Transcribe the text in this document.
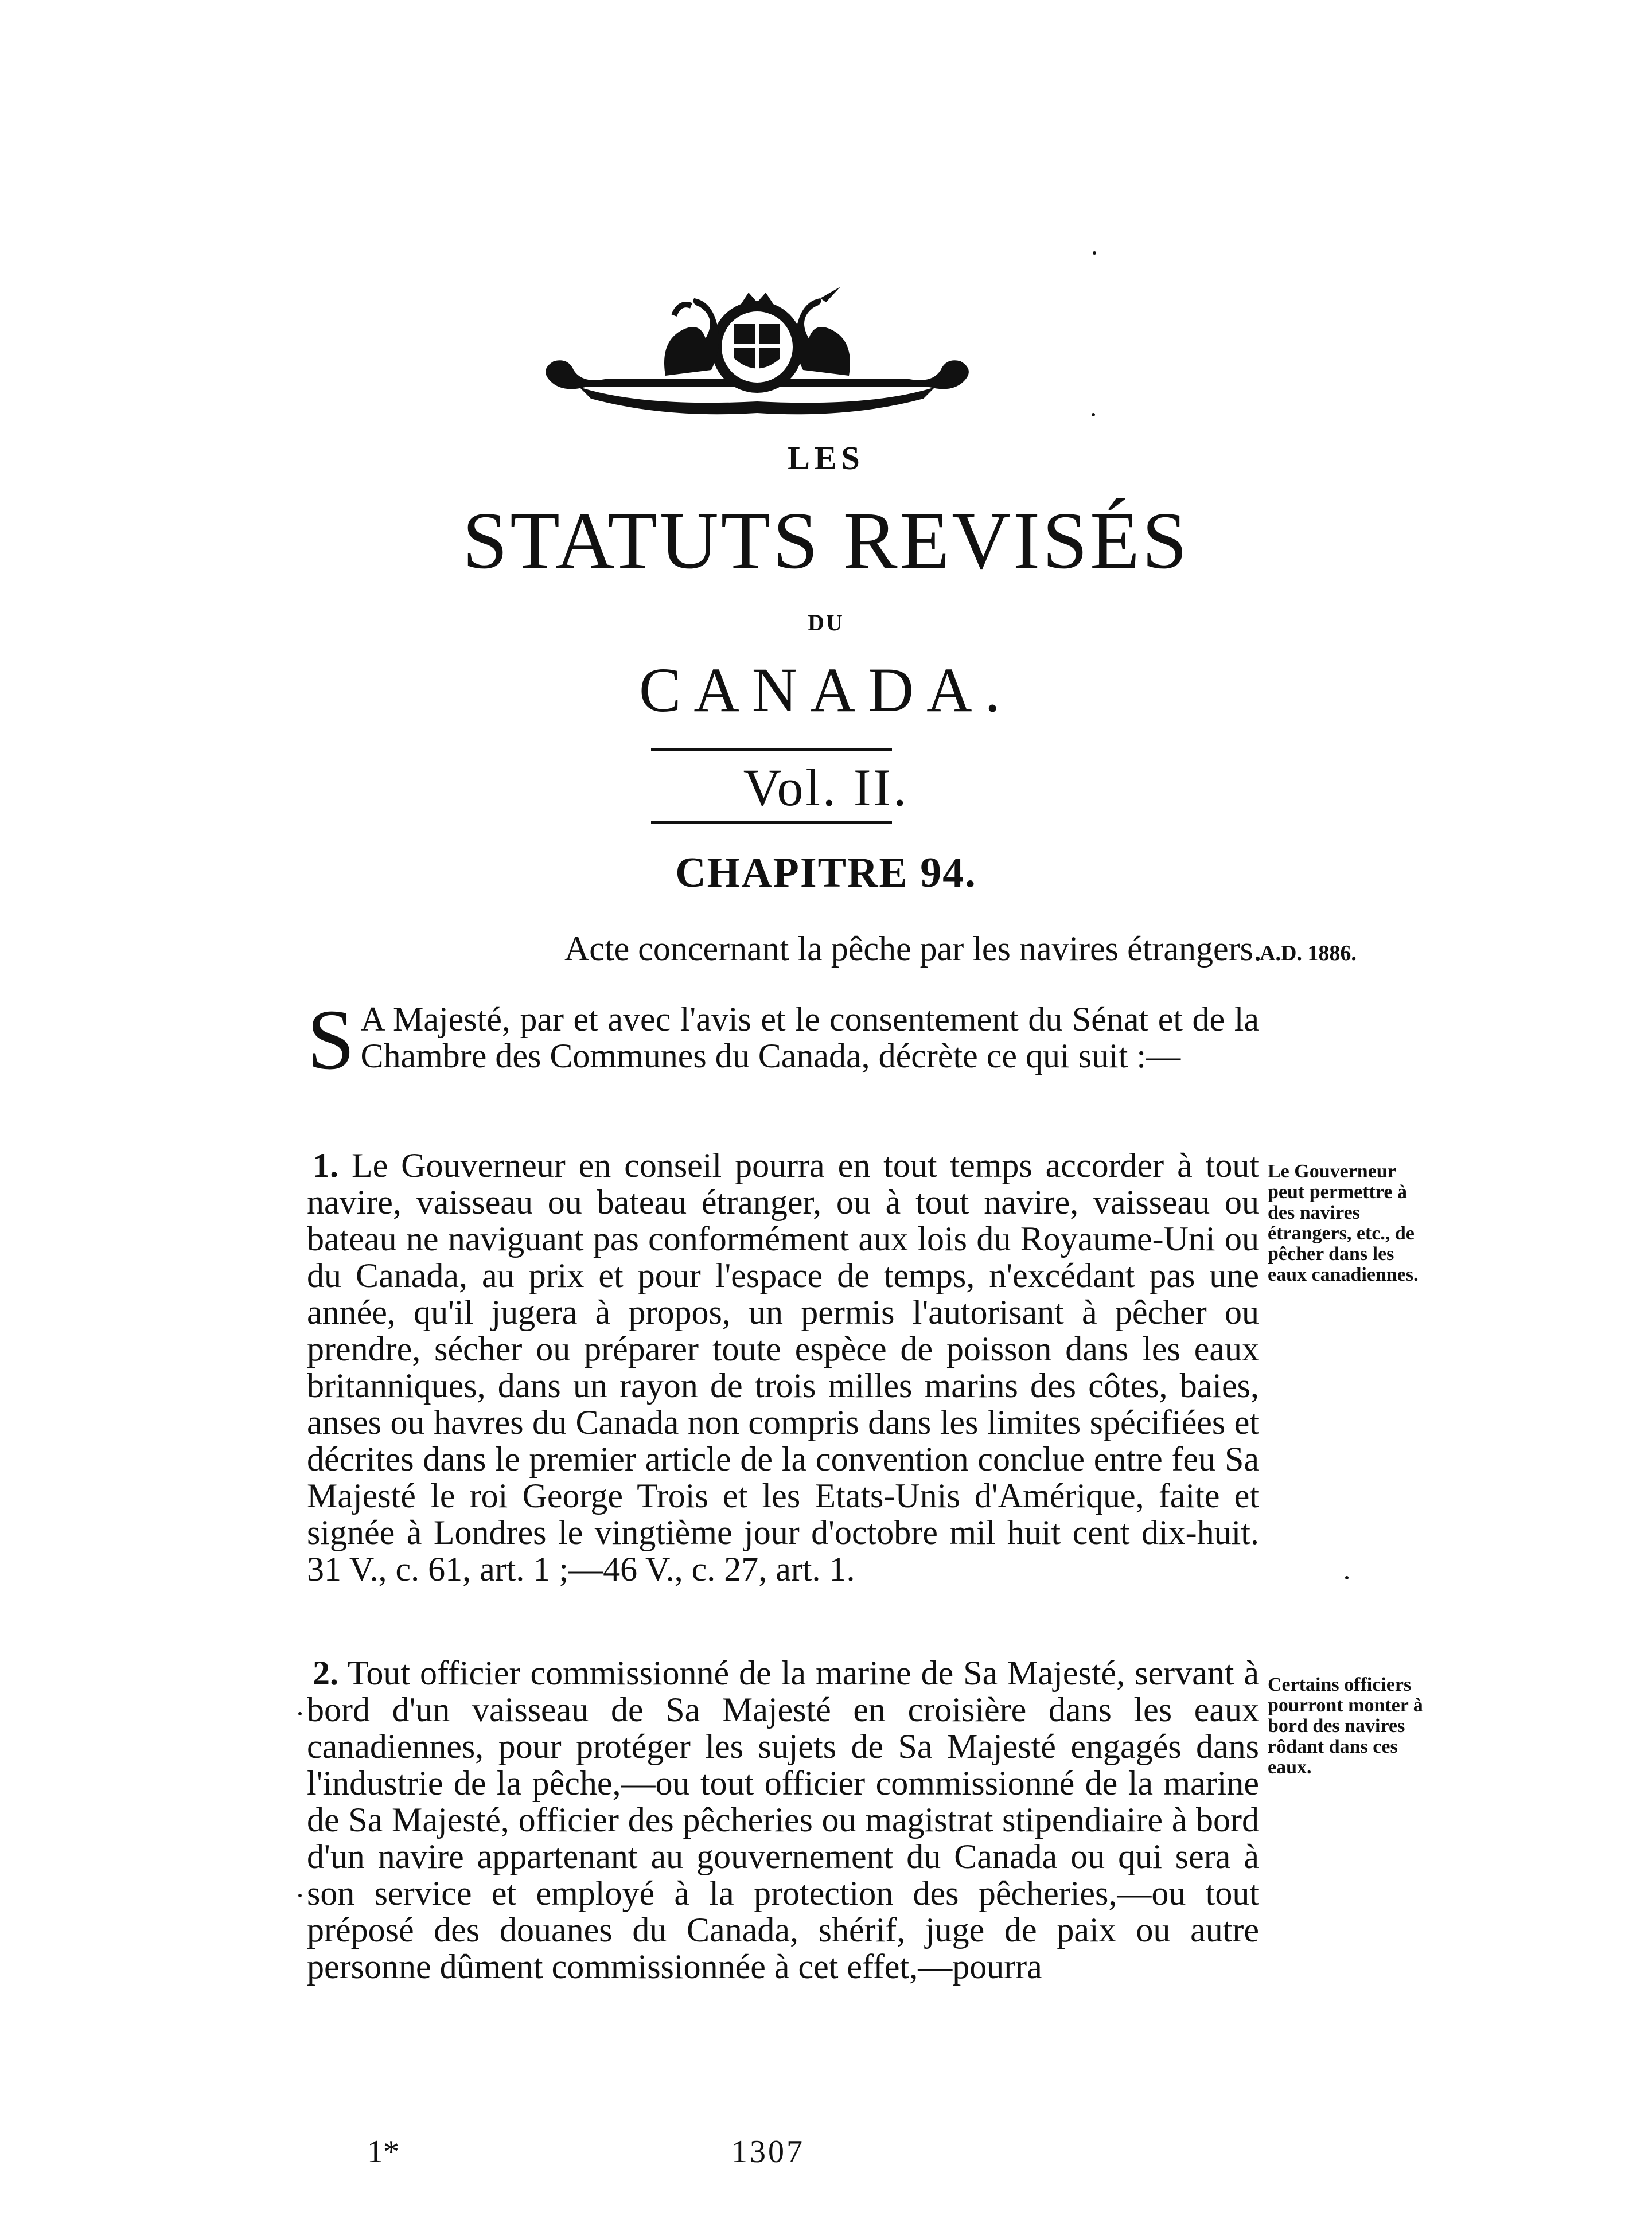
LES
STATUTS REVISÉS
DU
CANADA.
Vol. II.
CHAPITRE 94.
Acte concernant la pêche par les navires étrangers.
A.D. 1886.
S A Majesté, par et avec l'avis et le consentement du Sénat et de la Chambre des Communes du Canada, décrète ce qui suit :—

1. Le Gouverneur en conseil pourra en tout temps accorder à tout navire, vaisseau ou bateau étranger, ou à tout navire, vaisseau ou bateau ne naviguant pas conformément aux lois du Royaume-Uni ou du Canada, au prix et pour l'espace de temps, n'excédant pas une année, qu'il jugera à propos, un permis l'autorisant à pêcher ou prendre, sécher ou préparer toute espèce de poisson dans les eaux britanniques, dans un rayon de trois milles marins des côtes, baies, anses ou havres du Canada non compris dans les limites spécifiées et décrites dans le premier article de la convention conclue entre feu Sa Majesté le roi George Trois et les Etats-Unis d'Amérique, faite et signée à Londres le vingtième jour d'octobre mil huit cent dix-huit. 31 V., c. 61, art. 1 ;—46 V., c. 27, art. 1.

Le Gouverneur peut permettre à des navires étrangers, etc., de pêcher dans les eaux canadiennes.

2. Tout officier commissionné de la marine de Sa Majesté, servant à bord d'un vaisseau de Sa Majesté en croisière dans les eaux canadiennes, pour protéger les sujets de Sa Majesté engagés dans l'industrie de la pêche,—ou tout officier commissionné de la marine de Sa Majesté, officier des pêcheries ou magistrat stipendiaire à bord d'un navire appartenant au gouvernement du Canada ou qui sera à son service et employé à la protection des pêcheries,—ou tout préposé des douanes du Canada, shérif, juge de paix ou autre personne dûment commissionnée à cet effet,—pourra

Certains officiers pourront monter à bord des navires rôdant dans ces eaux.
1*	1307
